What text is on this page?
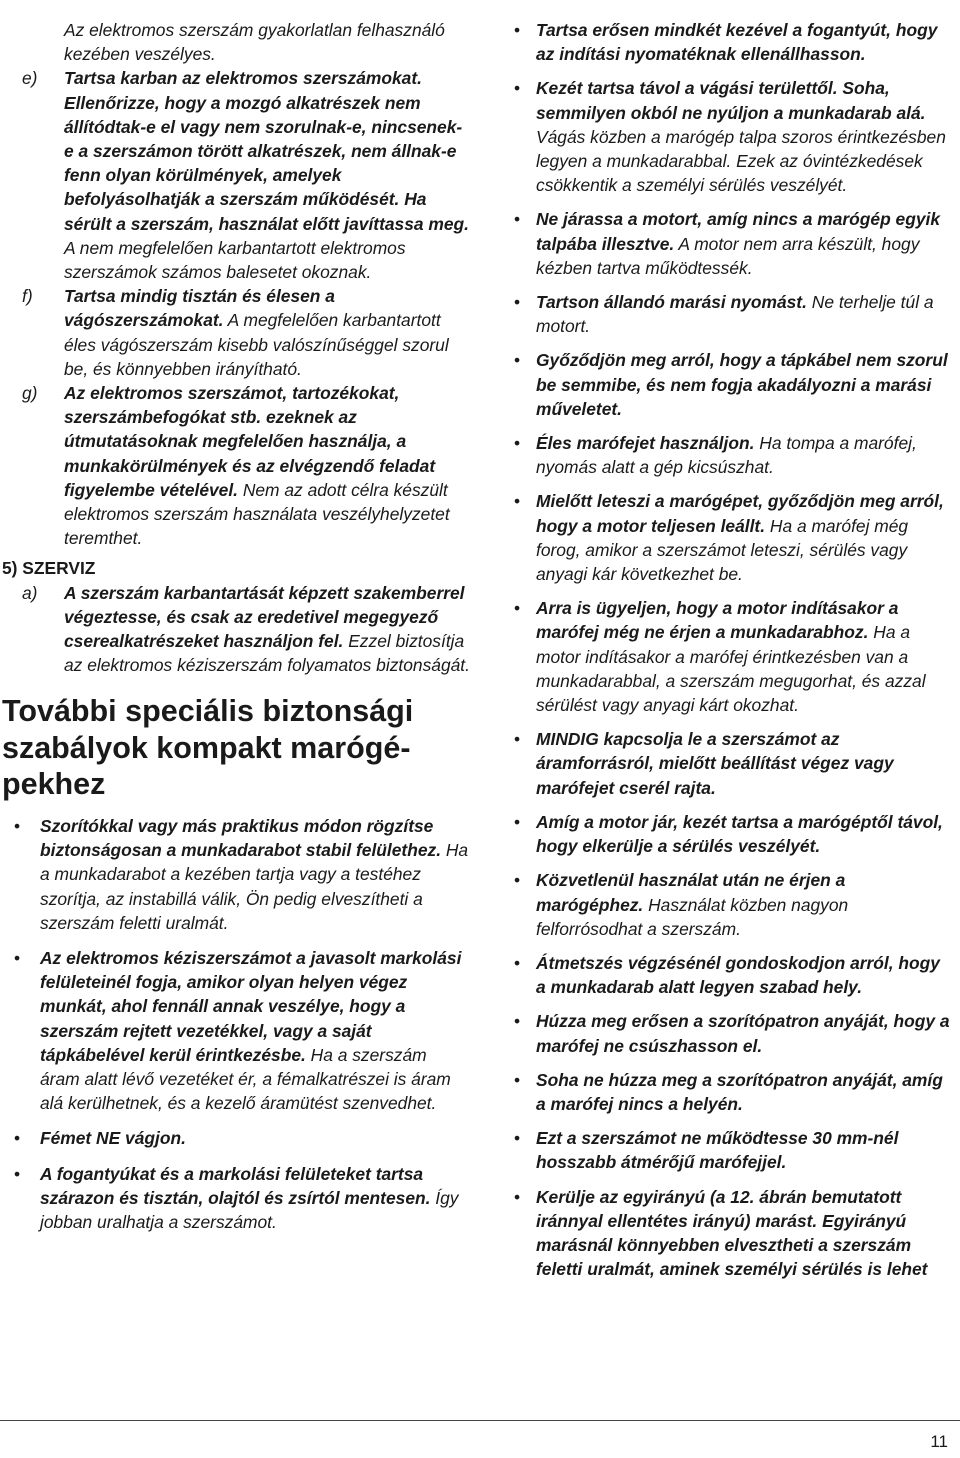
Az elektromos szerszám gyakorlatlan felhasználó kezében veszélyes.

e) Tartsa karban az elektromos szerszámokat. Ellenőrizze, hogy a mozgó alkatrészek nem állítódtak-e el vagy nem szorulnak-e, nincsenek-e a szerszámon törött alkatrészek, nem állnak-e fenn olyan körülmények, amelyek befolyásolhatják a szerszám működését. Ha sérült a szerszám, használat előtt javíttassa meg. A nem megfelelően karbantartott elektromos szerszámok számos balesetet okoznak.
f) Tartsa mindig tisztán és élesen a vágószerszámokat. A megfelelően karbantartott éles vágószerszám kisebb valószínűséggel szorul be, és könnyebben irányítható.
g) Az elektromos szerszámot, tartozékokat, szerszámbefogókat stb. ezeknek az útmutatásoknak megfelelően használja, a munkakörülmények és az elvégzendő feladat figyelembe vételével. Nem az adott célra készült elektromos szerszám használata veszélyhelyzetet teremthet.
5) SZERVIZ
a) A szerszám karbantartását képzett szakemberrel végeztesse, és csak az eredetivel megegyező cserealkatrészeket használjon fel. Ezzel biztosítja az elektromos kéziszerszám folyamatos biztonságát.
További speciális biztonsági szabályok kompakt marógépekhez
• Szorítókkal vagy más praktikus módon rögzítse biztonságosan a munkadarabot stabil felülethez. Ha a munkadarabot a kezében tartja vagy a testéhez szorítja, az instabillá válik, Ön pedig elveszítheti a szerszám feletti uralmát.
• Az elektromos kéziszerszámot a javasolt markolási felületeinél fogja, amikor olyan helyen végez munkát, ahol fennáll annak veszélye, hogy a szerszám rejtett vezetékkel, vagy a saját tápkábelével kerül érintkezésbe. Ha a szerszám áram alatt lévő vezetéket ér, a fémalkatrészei is áram alá kerülhetnek, és a kezelő áramütést szenvedhet.
• Fémet NE vágjon.
• A fogantyúkat és a markolási felületeket tartsa szárazon és tisztán, olajtól és zsírtól mentesen. Így jobban uralhatja a szerszámot.
• Tartsa erősen mindkét kezével a fogantyút, hogy az indítási nyomatéknak ellenállhasson.
• Kezét tartsa távol a vágási területtől. Soha, semmilyen okból ne nyúljon a munkadarab alá. Vágás közben a marógép talpa szoros érintkezésben legyen a munkadarabbal. Ezek az óvintézkedések csökkentik a személyi sérülés veszélyét.
• Ne járassa a motort, amíg nincs a marógép egyik talpába illesztve. A motor nem arra készült, hogy kézben tartva működtessék.
• Tartson állandó marási nyomást. Ne terhelje túl a motort.
• Győződjön meg arról, hogy a tápkábel nem szorul be semmibe, és nem fogja akadályozni a marási műveletet.
• Éles marófejet használjon. Ha tompa a marófej, nyomás alatt a gép kicsúszhat.
• Mielőtt leteszi a marógépet, győződjön meg arról, hogy a motor teljesen leállt. Ha a marófej még forog, amikor a szerszámot leteszi, sérülés vagy anyagi kár következhet be.
• Arra is ügyeljen, hogy a motor indításakor a marófej még ne érjen a munkadarabhoz. Ha a motor indításakor a marófej érintkezésben van a munkadarabbal, a szerszám megugorhat, és azzal sérülést vagy anyagi kárt okozhat.
• MINDIG kapcsolja le a szerszámot az áramforrásról, mielőtt beállítást végez vagy marófejet cserél rajta.
• Amíg a motor jár, kezét tartsa a marógéptől távol, hogy elkerülje a sérülés veszélyét.
• Közvetlenül használat után ne érjen a marógéphez. Használat közben nagyon felforrósodhat a szerszám.
• Átmetszés végzésénél gondoskodjon arról, hogy a munkadarab alatt legyen szabad hely.
• Húzza meg erősen a szorítópatron anyáját, hogy a marófej ne csúszhasson el.
• Soha ne húzza meg a szorítópatron anyáját, amíg a marófej nincs a helyén.
• Ezt a szerszámot ne működtesse 30 mm-nél hosszabb átmérőjű marófejjel.
• Kerülje az egyirányú (a 12. ábrán bemutatott iránnyal ellentétes irányú) marást. Egyirányú marásnál könnyebben elvesztheti a szerszám feletti uralmát, aminek személyi sérülés is lehet
11
